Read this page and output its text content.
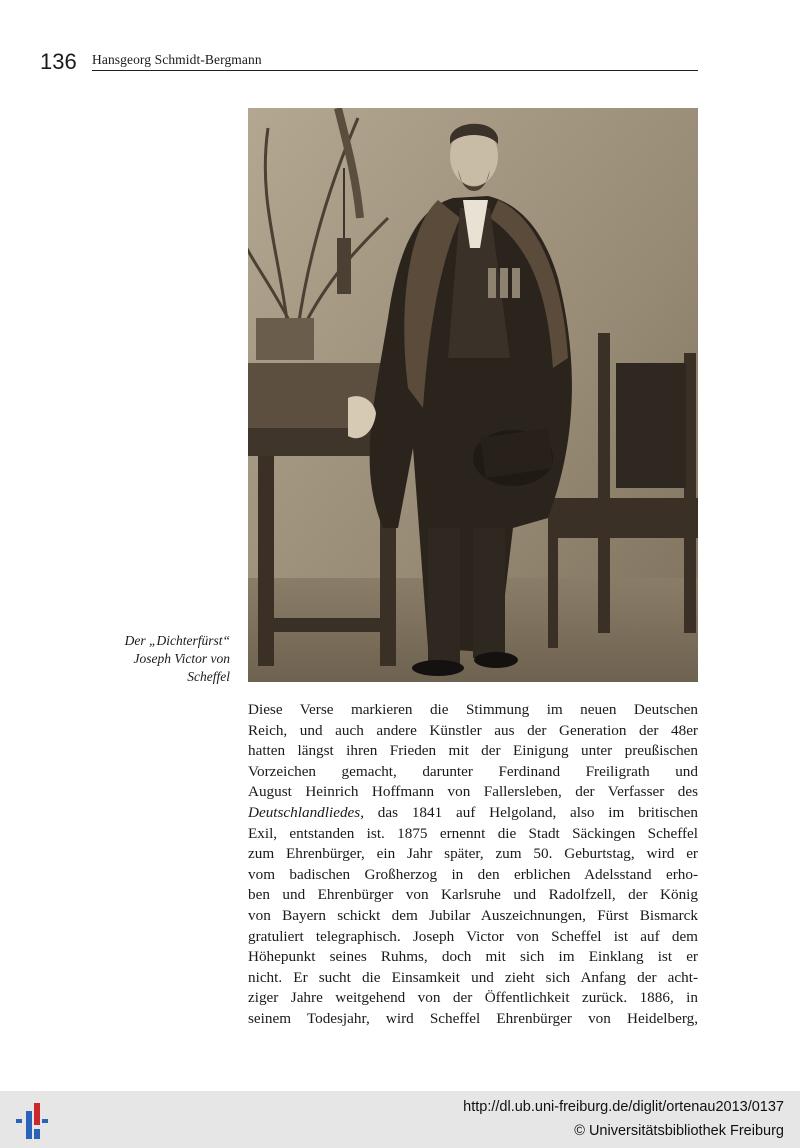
136 Hansgeorg Schmidt-Bergmann
Der „Dichterfürst“
Joseph Victor von
Scheffel
Diese Verse markieren die Stimmung im neuen Deutschen
Reich, und auch andere Künstler aus der Generation der 48er
hatten längst ihren Frieden mit der Einigung unter preußischen
Vorzeichen gemacht, darunter Ferdinand Freiligrath und
August Heinrich Hoffmann von Fallersleben, der Verfasser des
Deutschlandliedes, das 1841 auf Helgoland, also im britischen
Exil, entstanden ist. 1875 ernennt die Stadt Säckingen Scheffel
zum Ehrenbürger, ein Jahr später, zum 50. Geburtstag, wird er
vom badischen Großherzog in den erblichen Adelsstand erho-
ben und Ehrenbürger von Karlsruhe und Radolfzell, der König
von Bayern schickt dem Jubilar Auszeichnungen, Fürst Bismarck
gratuliert telegraphisch. Joseph Victor von Scheffel ist auf dem
Höhepunkt seines Ruhms, doch mit sich im Einklang ist er
nicht. Er sucht die Einsamkeit und zieht sich Anfang der acht-
ziger Jahre weitgehend von der Öffentlichkeit zurück. 1886, in
seinem Todesjahr, wird Scheffel Ehrenbürger von Heidelberg,
http://dl.ub.uni-freiburg.de/diglit/ortenau2013/0137
© Universitätsbibliothek Freiburg
